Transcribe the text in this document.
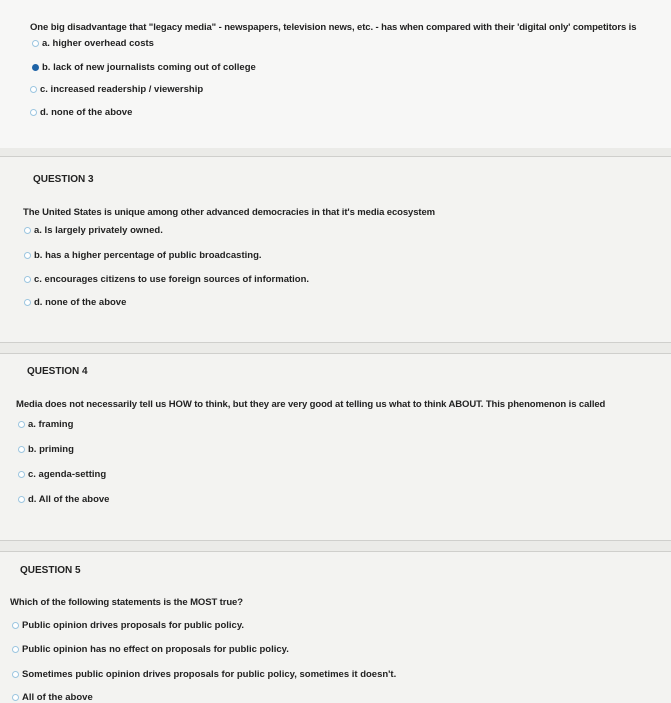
One big disadvantage that "legacy media" - newspapers, television news, etc. - has when compared with their 'digital only' competitors is
a. higher overhead costs
b. lack of new journalists coming out of college
c. increased readership / viewership
d. none of the above
QUESTION 3
The United States is unique among other advanced democracies in that it's media ecosystem
a. Is largely privately owned.
b. has a higher percentage of public broadcasting.
c. encourages citizens to use foreign sources of information.
d. none of the above
QUESTION 4
Media does not necessarily tell us HOW to think, but they are very good at telling us what to think ABOUT. This phenomenon is called
a. framing
b. priming
c. agenda-setting
d. All of the above
QUESTION 5
Which of the following statements is the MOST true?
Public opinion drives proposals for public policy.
Public opinion has no effect on proposals for public policy.
Sometimes public opinion drives proposals for public policy, sometimes it doesn't.
All of the above
